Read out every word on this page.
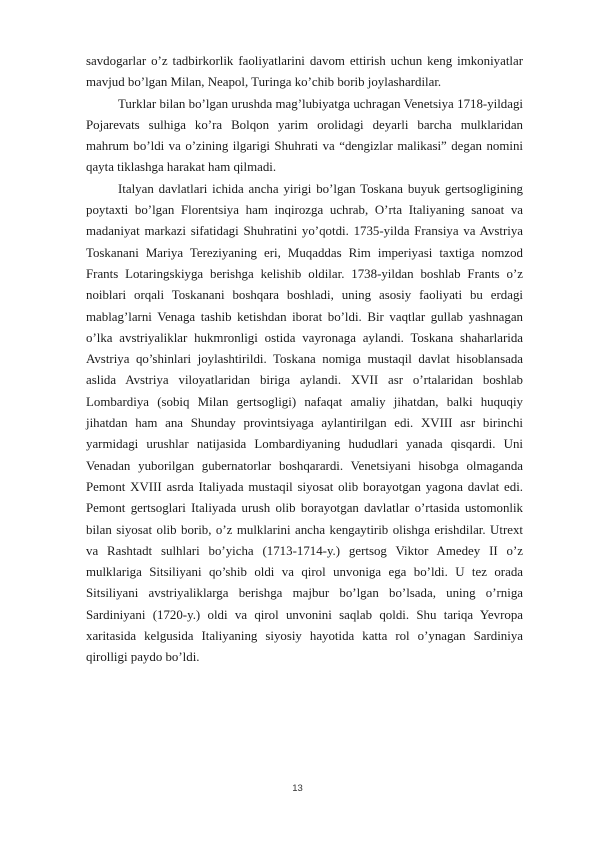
savdogarlar o’z tadbirkorlik faoliyatlarini davom ettirish uchun keng imkoniyatlar mavjud bo’lgan Milan, Neapol, Turinga ko’chib borib joylashardilar.

Turklar bilan bo’lgan urushda mag’lubiyatga uchragan Venetsiya 1718-yildagi Pojarevats sulhiga ko’ra Bolqon yarim orolidagi deyarli barcha mulklaridan mahrum bo’ldi va o’zining ilgarigi Shuhrati va “dengizlar malikasi” degan nomini qayta tiklashga harakat ham qilmadi.

Italyan davlatlari ichida ancha yirigi bo’lgan Toskana buyuk gertsogligining poytaxti bo’lgan Florentsiya ham inqirozga uchrab, O’rta Italiyaning sanoat va madaniyat markazi sifatidagi Shuhratini yo’qotdi. 1735-yilda Fransiya va Avstriya Toskanani Mariya Tereziyaning eri, Muqaddas Rim imperiyasi taxtiga nomzod Frants Lotaringskiyga berishga kelishib oldilar. 1738-yildan boshlab Frants o’z noiblari orqali Toskanani boshqara boshladi, uning asosiy faoliyati bu erdagi mablag’larni Venaga tashib ketishdan iborat bo’ldi. Bir vaqtlar gullab yashnagan o’lka avstriyaliklar hukmronligi ostida vayronaga aylandi. Toskana shaharlarida Avstriya qo’shinlari joylashtirildi. Toskana nomiga mustaqil davlat hisoblansada aslida Avstriya viloyatlaridan biriga aylandi. XVII asr o’rtalaridan boshlab Lombardiya (sobiq Milan gertsogligi) nafaqat amaliy jihatdan, balki huquqiy jihatdan ham ana Shunday provintsiyaga aylantirilgan edi. XVIII asr birinchi yarmidagi urushlar natijasida Lombardiyaning hududlari yanada qisqardi. Uni Venadan yuborilgan gubernatorlar boshqarardi. Venetsiyani hisobga olmaganda Pemont XVIII asrda Italiyada mustaqil siyosat olib borayotgan yagona davlat edi. Pemont gertsoglari Italiyada urush olib borayotgan davlatlar o’rtasida ustomonlik bilan siyosat olib borib, o’z mulklarini ancha kengaytirib olishga erishdilar. Utrext va Rashtadt sulhlari bo’yicha (1713-1714-y.) gertsog Viktor Amedey II o’z mulklariga Sitsiliyani qo’shib oldi va qirol unvoniga ega bo’ldi. U tez orada Sitsiliyani avstriyaliklarga berishga majbur bo’lgan bo’lsada, uning o’rniga Sardiniyani (1720-y.) oldi va qirol unvonini saqlab qoldi. Shu tariqa Yevropa xaritasida kelgusida Italiyaning siyosiy hayotida katta rol o’ynagan Sardiniya qirolligi paydo bo’ldi.

13
